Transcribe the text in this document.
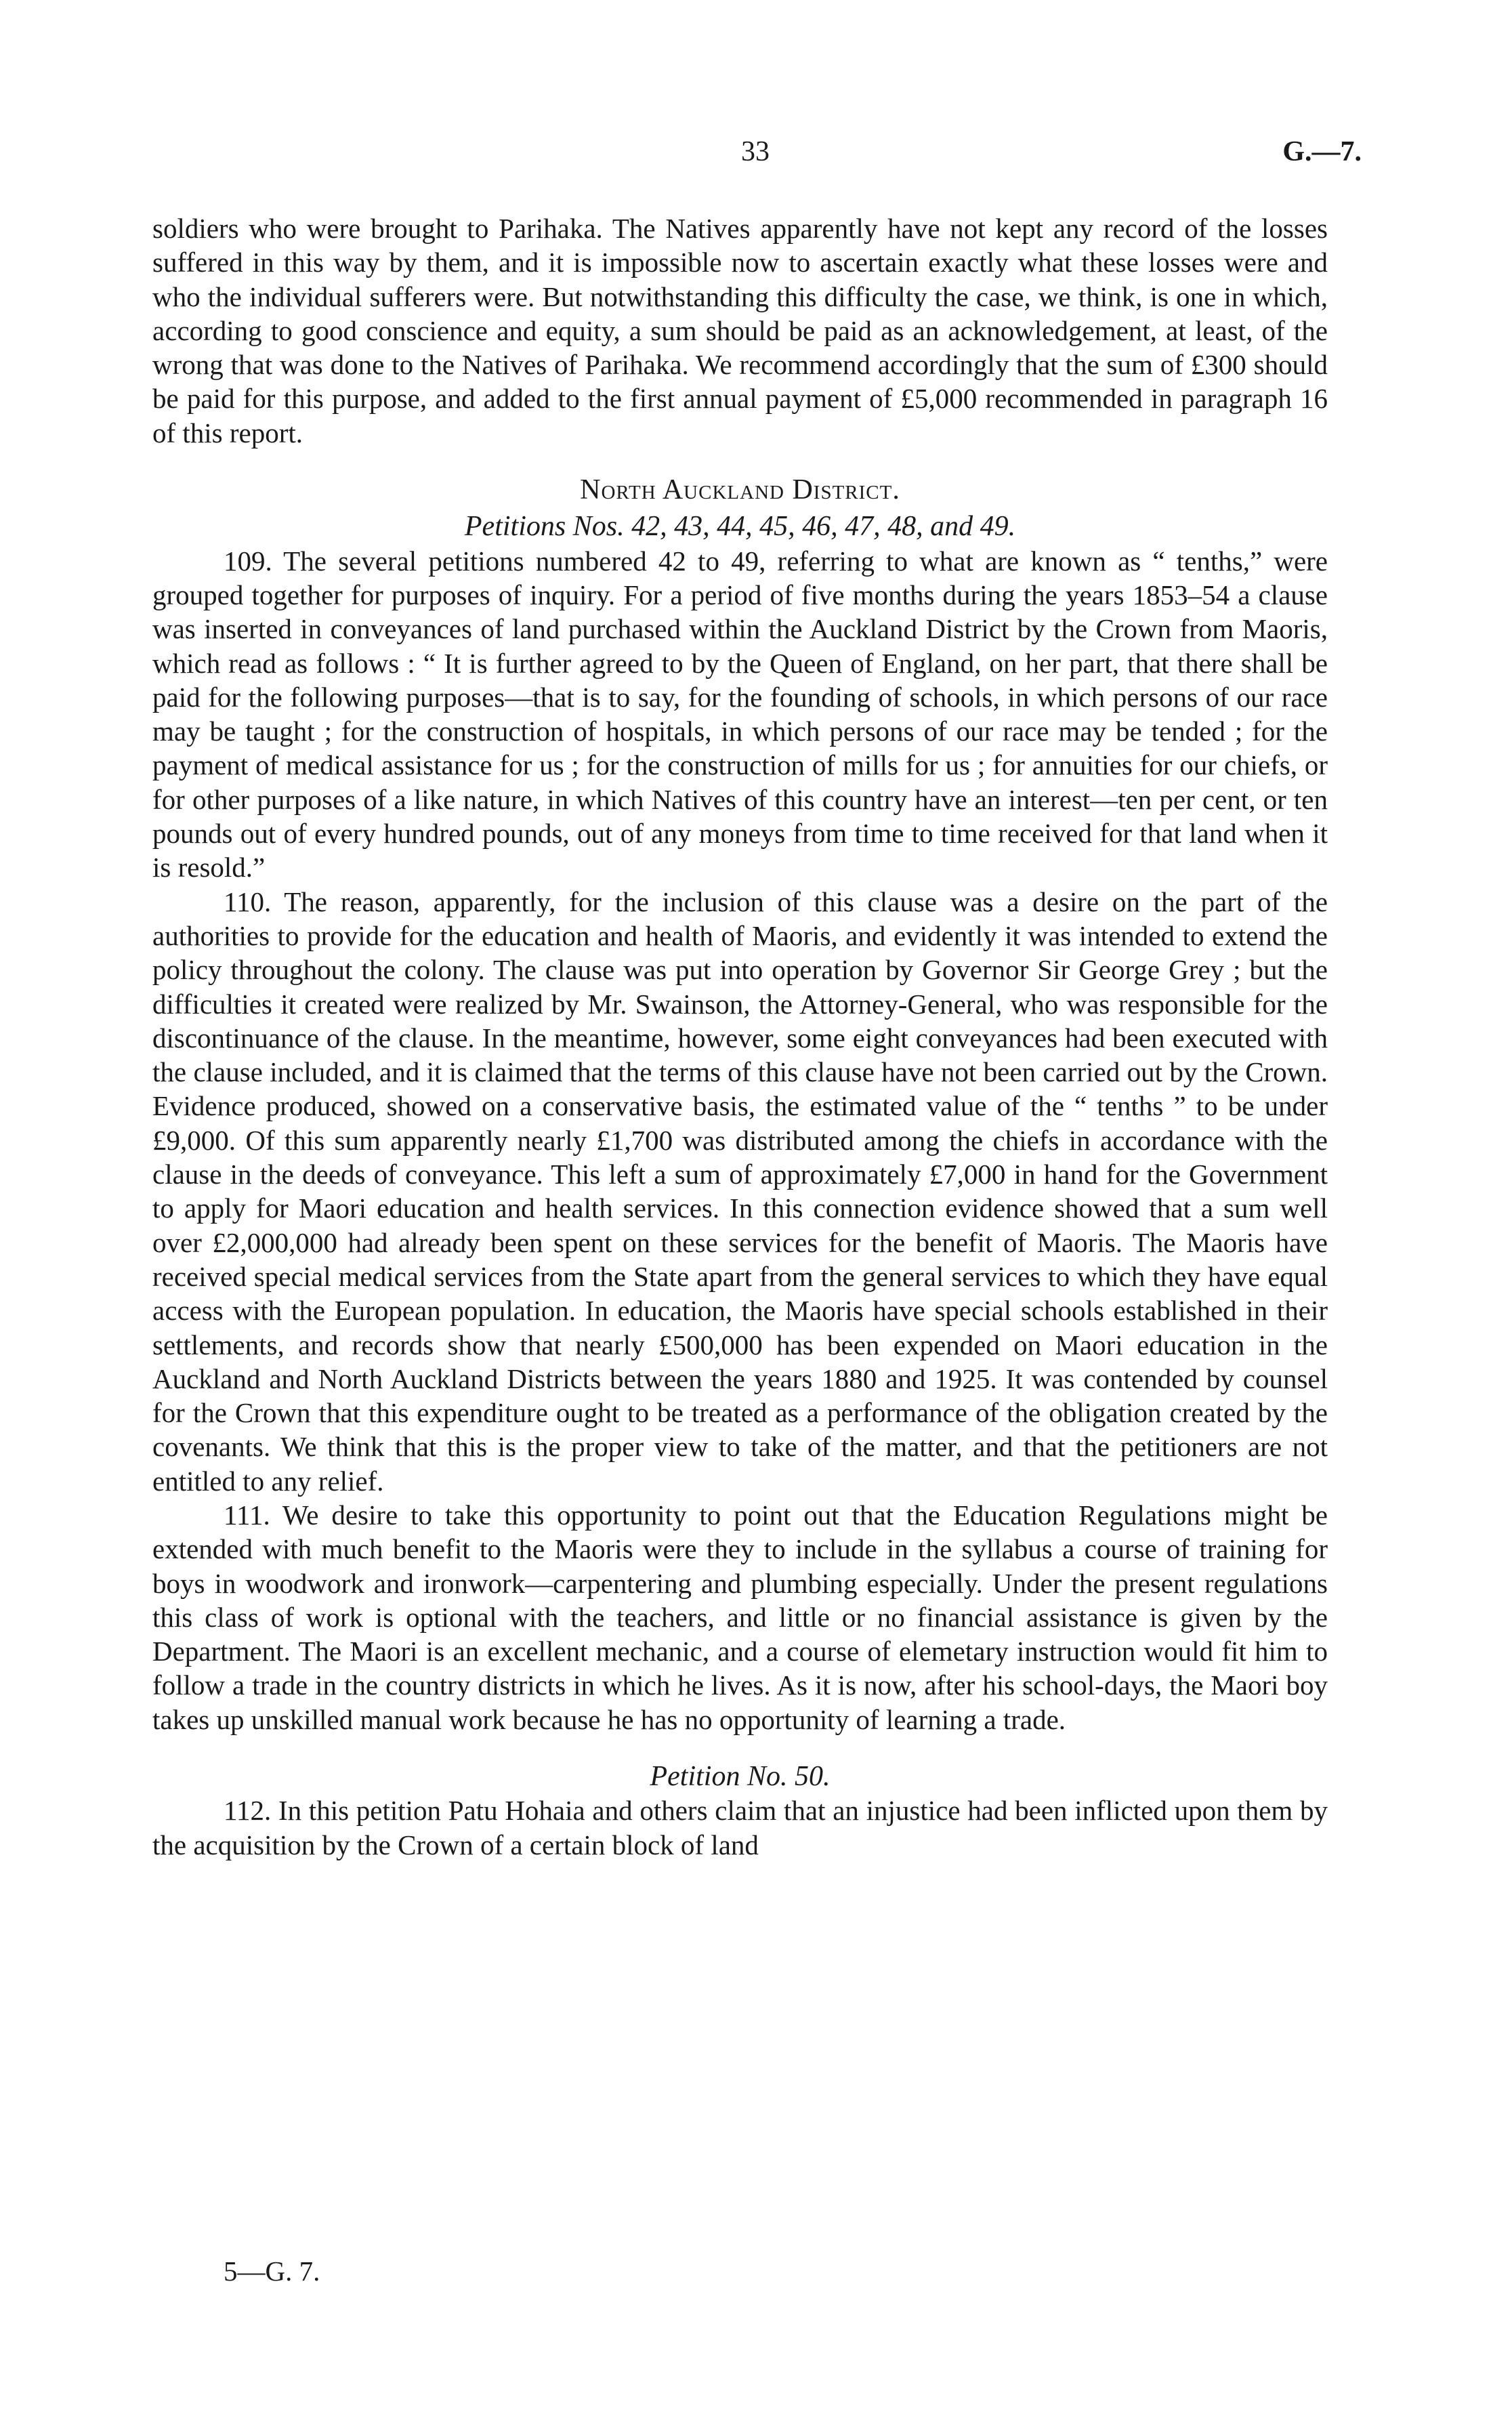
33	G.—7.

soldiers who were brought to Parihaka. The Natives apparently have not kept any record of the losses suffered in this way by them, and it is impossible now to ascertain exactly what these losses were and who the individual sufferers were. But notwithstanding this difficulty the case, we think, is one in which, according to good conscience and equity, a sum should be paid as an acknowledgement, at least, of the wrong that was done to the Natives of Parihaka. We recommend accordingly that the sum of £300 should be paid for this purpose, and added to the first annual payment of £5,000 recommended in paragraph 16 of this report.

North Auckland District.

Petitions Nos. 42, 43, 44, 45, 46, 47, 48, and 49.

109. The several petitions numbered 42 to 49, referring to what are known as “ tenths,” were grouped together for purposes of inquiry. For a period of five months during the years 1853–54 a clause was inserted in conveyances of land purchased within the Auckland District by the Crown from Maoris, which read as follows : “ It is further agreed to by the Queen of England, on her part, that there shall be paid for the following purposes—that is to say, for the founding of schools, in which persons of our race may be taught ; for the construction of hospitals, in which persons of our race may be tended ; for the payment of medical assistance for us ; for the construction of mills for us ; for annuities for our chiefs, or for other purposes of a like nature, in which Natives of this country have an interest—ten per cent, or ten pounds out of every hundred pounds, out of any moneys from time to time received for that land when it is resold.”

110. The reason, apparently, for the inclusion of this clause was a desire on the part of the authorities to provide for the education and health of Maoris, and evidently it was intended to extend the policy throughout the colony. The clause was put into operation by Governor Sir George Grey ; but the difficulties it created were realized by Mr. Swainson, the Attorney-General, who was responsible for the discontinuance of the clause. In the meantime, however, some eight conveyances had been executed with the clause included, and it is claimed that the terms of this clause have not been carried out by the Crown. Evidence produced, showed on a conservative basis, the estimated value of the “ tenths ” to be under £9,000. Of this sum apparently nearly £1,700 was distributed among the chiefs in accordance with the clause in the deeds of conveyance. This left a sum of approximately £7,000 in hand for the Government to apply for Maori education and health services. In this connection evidence showed that a sum well over £2,000,000 had already been spent on these services for the benefit of Maoris. The Maoris have received special medical services from the State apart from the general services to which they have equal access with the European population. In education, the Maoris have special schools established in their settlements, and records show that nearly £500,000 has been expended on Maori education in the Auckland and North Auckland Districts between the years 1880 and 1925. It was contended by counsel for the Crown that this expenditure ought to be treated as a performance of the obligation created by the covenants. We think that this is the proper view to take of the matter, and that the petitioners are not entitled to any relief.

111. We desire to take this opportunity to point out that the Education Regulations might be extended with much benefit to the Maoris were they to include in the syllabus a course of training for boys in woodwork and ironwork—carpentering and plumbing especially. Under the present regulations this class of work is optional with the teachers, and little or no financial assistance is given by the Department. The Maori is an excellent mechanic, and a course of elemetary instruction would fit him to follow a trade in the country districts in which he lives. As it is now, after his school-days, the Maori boy takes up unskilled manual work because he has no opportunity of learning a trade.

Petition No. 50.

112. In this petition Patu Hohaia and others claim that an injustice had been inflicted upon them by the acquisition by the Crown of a certain block of land

5—G. 7.
